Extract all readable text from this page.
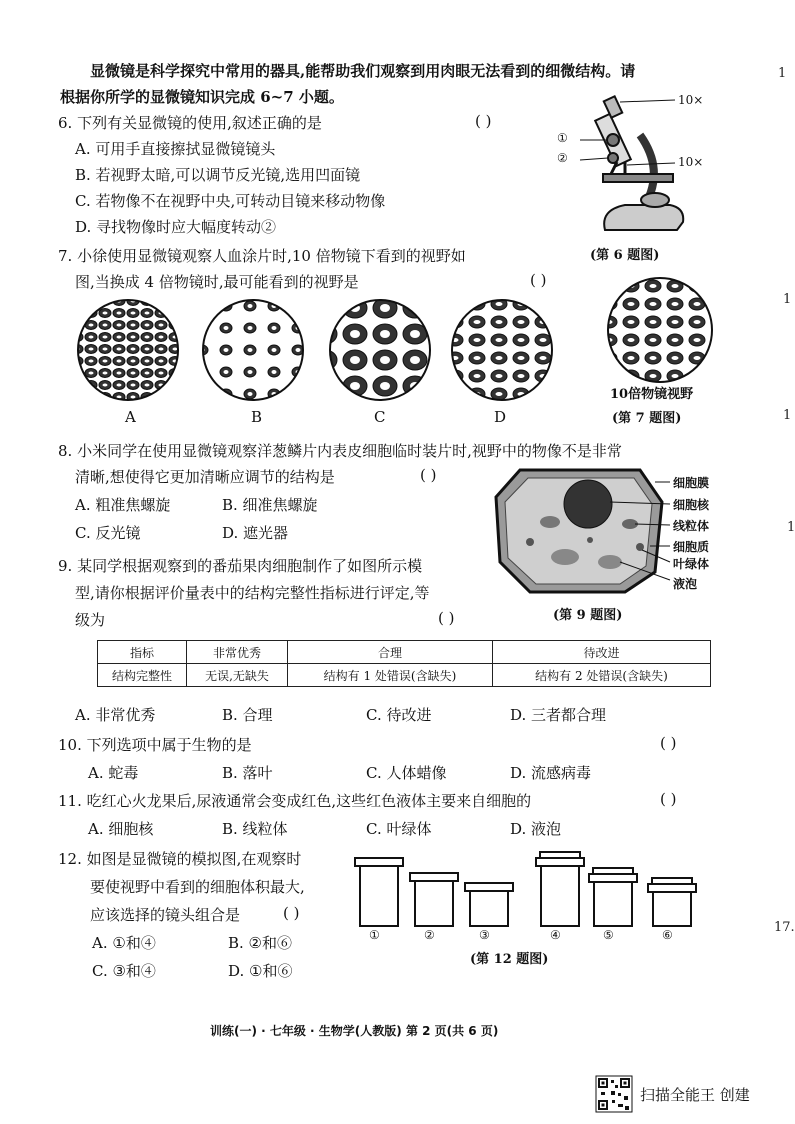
1
1
1
1
17.
显微镜是科学探究中常用的器具,能帮助我们观察到用肉眼无法看到的细微结构。请
根据你所学的显微镜知识完成 6~7 小题。
6. 下列有关显微镜的使用,叙述正确的是	( )
A. 可用手直接擦拭显微镜镜头
B. 若视野太暗,可以调节反光镜,选用凹面镜
C. 若物像不在视野中央,可转动目镜来移动物像
D. 寻找物像时应大幅度转动②
①
②
10×
10×
(第 6 题图)
7. 小徐使用显微镜观察人血涂片时,10 倍物镜下看到的视野如
图,当换成 4 倍物镜时,最可能看到的视野是	( )
A	B	C	D
10倍物镜视野
(第 7 题图)
8. 小米同学在使用显微镜观察洋葱鳞片内表皮细胞临时装片时,视野中的物像不是非常
清晰,想使得它更加清晰应调节的结构是	( )
A. 粗准焦螺旋	B. 细准焦螺旋
C. 反光镜	D. 遮光器
细胞膜
细胞核
线粒体
细胞质
叶绿体
液泡
(第 9 题图)
9. 某同学根据观察到的番茄果肉细胞制作了如图所示模
型,请你根据评价量表中的结构完整性指标进行评定,等
级为	( )
指标	非常优秀	合理	待改进
结构完整性	无误,无缺失	结构有 1 处错误(含缺失)	结构有 2 处错误(含缺失)
A. 非常优秀	B. 合理	C. 待改进	D. 三者都合理
10. 下列选项中属于生物的是	( )
A. 蛇毒	B. 落叶	C. 人体蜡像	D. 流感病毒
11. 吃红心火龙果后,尿液通常会变成红色,这些红色液体主要来自细胞的	( )
A. 细胞核	B. 线粒体	C. 叶绿体	D. 液泡
12. 如图是显微镜的模拟图,在观察时
要使视野中看到的细胞体积最大,
应该选择的镜头组合是	( )
A. ①和④	B. ②和⑥
C. ③和④	D. ①和⑥
①	②	③	④	⑤	⑥
(第 12 题图)
训练(一) · 七年级 · 生物学(人教版) 第 2 页(共 6 页)
扫描全能王 创建
